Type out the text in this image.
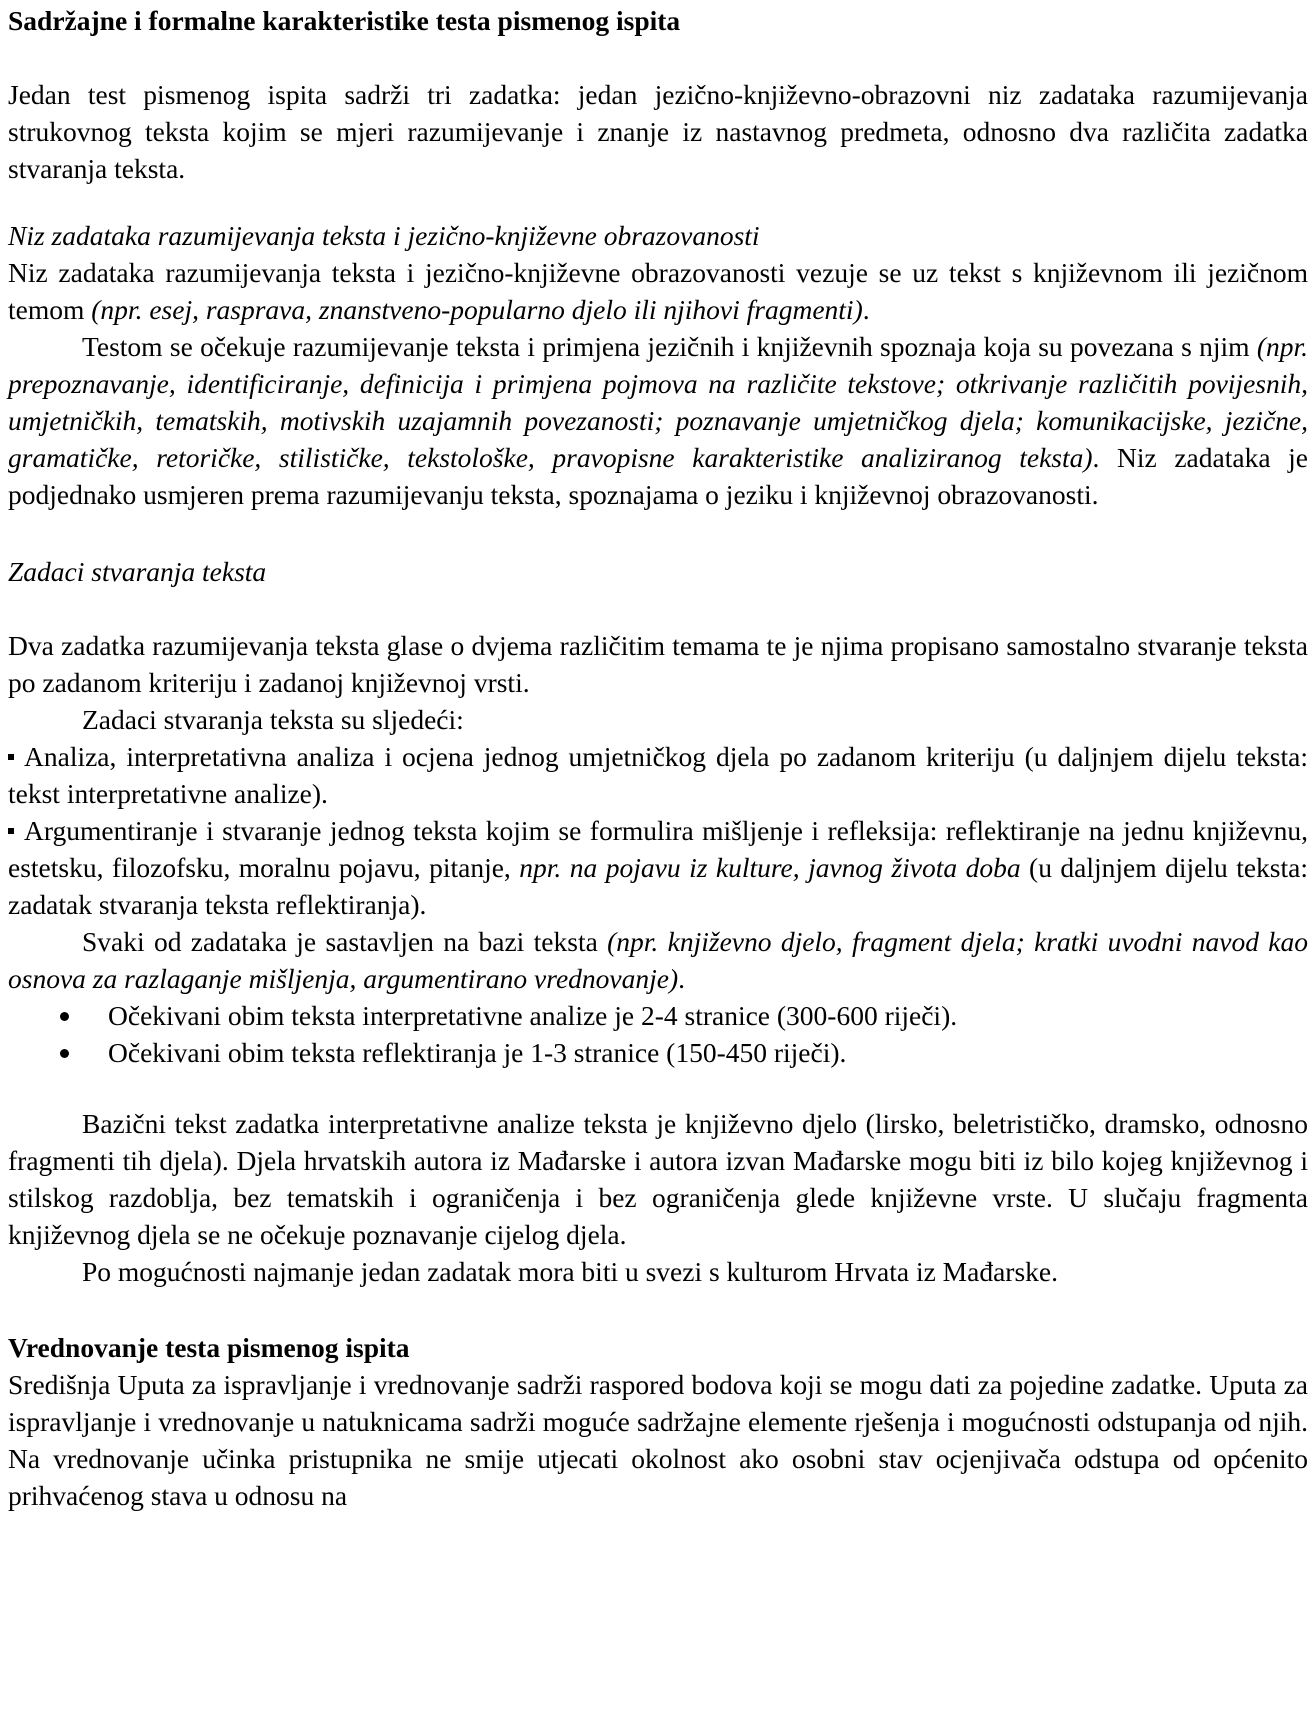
Sadržajne i formalne karakteristike testa pismenog ispita

Jedan test pismenog ispita sadrži tri zadatka: jedan jezično-književno-obrazovni niz zadataka razumijevanja strukovnog teksta kojim se mjeri razumijevanje i znanje iz nastavnog predmeta, odnosno dva različita zadatka stvaranja teksta.

Niz zadataka razumijevanja teksta i jezično-književne obrazovanosti

Niz zadataka razumijevanja teksta i jezično-književne obrazovanosti vezuje se uz tekst s književnom ili jezičnom temom (npr. esej, rasprava, znanstveno-popularno djelo ili njihovi fragmenti).

Testom se očekuje razumijevanje teksta i primjena jezičnih i književnih spoznaja koja su povezana s njim (npr. prepoznavanje, identificiranje, definicija i primjena pojmova na različite tekstove; otkrivanje različitih povijesnih, umjetničkih, tematskih, motivskih uzajamnih povezanosti; poznavanje umjetničkog djela; komunikacijske, jezične, gramatičke, retoričke, stilističke, tekstološke, pravopisne karakteristike analiziranog teksta). Niz zadataka je podjednako usmjeren prema razumijevanju teksta, spoznajama o jeziku i književnoj obrazovanosti.

Zadaci stvaranja teksta

Dva zadatka razumijevanja teksta glase o dvjema različitim temama te je njima propisano samostalno stvaranje teksta po zadanom kriteriju i zadanoj književnoj vrsti.

Zadaci stvaranja teksta su sljedeći:

Analiza, interpretativna analiza i ocjena jednog umjetničkog djela po zadanom kriteriju (u daljnjem dijelu teksta: tekst interpretativne analize).

Argumentiranje i stvaranje jednog teksta kojim se formulira mišljenje i refleksija: reflektiranje na jednu književnu, estetsku, filozofsku, moralnu pojavu, pitanje, npr. na pojavu iz kulture, javnog života doba (u daljnjem dijelu teksta: zadatak stvaranja teksta reflektiranja).

Svaki od zadataka je sastavljen na bazi teksta (npr. književno djelo, fragment djela; kratki uvodni navod kao osnova za razlaganje mišljenja, argumentirano vrednovanje).

Očekivani obim teksta interpretativne analize je 2-4 stranice (300-600 riječi).
Očekivani obim teksta reflektiranja je 1-3 stranice (150-450 riječi).

Bazični tekst zadatka interpretativne analize teksta je književno djelo (lirsko, beletrističko, dramsko, odnosno fragmenti tih djela). Djela hrvatskih autora iz Mađarske i autora izvan Mađarske mogu biti iz bilo kojeg književnog i stilskog razdoblja, bez tematskih i ograničenja i bez ograničenja glede književne vrste. U slučaju fragmenta književnog djela se ne očekuje poznavanje cijelog djela.

Po mogućnosti najmanje jedan zadatak mora biti u svezi s kulturom Hrvata iz Mađarske.

Vrednovanje testa pismenog ispita

Središnja Uputa za ispravljanje i vrednovanje sadrži raspored bodova koji se mogu dati za pojedine zadatke. Uputa za ispravljanje i vrednovanje u natuknicama sadrži moguće sadržajne elemente rješenja i mogućnosti odstupanja od njih. Na vrednovanje učinka pristupnika ne smije utjecati okolnost ako osobni stav ocjenjivača odstupa od općenito prihvaćenog stava u odnosu na
